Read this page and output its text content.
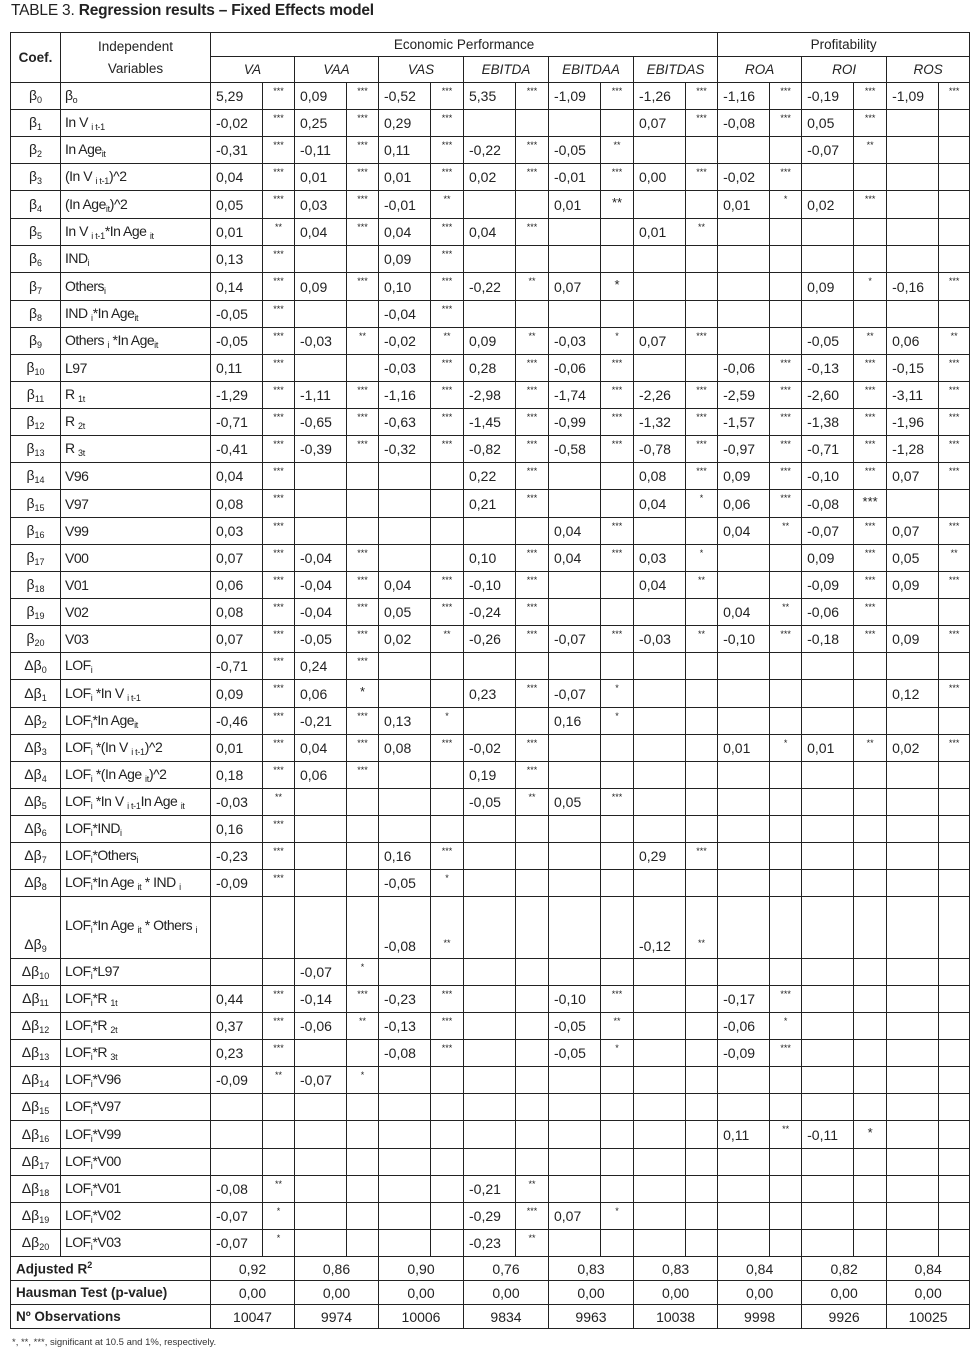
TABLE 3. Regression results – Fixed Effects model
Coef.	Independent
Variables	Economic Performance												Profitability					
		VA		VAA		VAS		EBITDA		EBITDAA		EBITDAS		ROA		ROI		ROS	
$\beta_0$	$\beta_o$	5,29	***	0,09	***	-0,52	***	5,35	***	-1,09	***	-1,26	***	-1,16	***	-0,19	***	-1,09	***
$\beta_1$	In V $_{i t-1}$	-0,02	***	0,25	***	0,29	***					0,07	***	-0,08	***	0,05	***		
$\beta_2$	In Age$_{it}$	-0,31	***	-0,11	***	0,11	***	-0,22	***	-0,05	**					-0,07	**		
$\beta_3$	(In V $_{i t-1}$)^2	0,04	***	0,01	***	0,01	***	0,02	***	-0,01	***	0,00	***	-0,02	***				
$\beta_4$	(In Age$_{it}$)^2	0,05	***	0,03	***	-0,01	**			0,01	**			0,01	*	0,02	***		
$\beta_5$	In V $_{i t-1}$*In Age $_{it}$	0,01	**	0,04	***	0,04	***	0,04	***			0,01	**						
$\beta_6$	$IND_i$	0,13	***			0,09	***												
$\beta_7$	Others$_i$	0,14	***	0,09	***	0,10	***	-0,22	**	0,07	*					0,09	*	-0,16	***
$\beta_8$	IND $_i$*In Age$_{it}$	-0,05	***			-0,04	***												
$\beta_9$	Others $_i$ *In Age$_{it}$	-0,05	***	-0,03	**	-0,02	**	0,09	**	-0,03	*	0,07	***			-0,05	**	0,06	**
$\beta_{10}$	L97	0,11	***			-0,03	***	0,28	***	-0,06	***			-0,06	***	-0,13	***	-0,15	***
$\beta_{11}$	R $_{1t}$	-1,29	***	-1,11	***	-1,16	***	-2,98	***	-1,74	***	-2,26	***	-2,59	***	-2,60	***	-3,11	***
$\beta_{12}$	R $_{2t}$	-0,71	***	-0,65	***	-0,63	***	-1,45	***	-0,99	***	-1,32	***	-1,57	***	-1,38	***	-1,96	***
$\beta_{13}$	R $_{3t}$	-0,41	***	-0,39	***	-0,32	***	-0,82	***	-0,58	***	-0,78	***	-0,97	***	-0,71	***	-1,28	***
$\beta_{14}$	V96	0,04	***					0,22	***			0,08	***	0,09	***	-0,10	***	0,07	***
$\beta_{15}$	V97	0,08	***					0,21	***			0,04	*	0,06	***	-0,08	***		
$\beta_{16}$	V99	0,03	***							0,04	***			0,04	**	-0,07	***	0,07	***
$\beta_{17}$	V00	0,07	***	-0,04	***			0,10	***	0,04	***	0,03	*			0,09	***	0,05	**
$\beta_{18}$	V01	0,06	***	-0,04	***	0,04	***	-0,10	***			0,04	**			-0,09	***	0,09	***
$\beta_{19}$	V02	0,08	***	-0,04	***	0,05	***	-0,24	***					0,04	**	-0,06	***		
$\beta_{20}$	V03	0,07	***	-0,05	***	0,02	**	-0,26	***	-0,07	***	-0,03	**	-0,10	***	-0,18	***	0,09	***
$\Delta\beta_0$	$LOF_i$	-0,71	***	0,24	***														
$\Delta\beta_1$	$LOF_i$ *In V $_{i t-1}$	0,09	***	0,06	*			0,23	***	-0,07	*							0,12	***
$\Delta\beta_2$	$LOF_i*In$ Age$_{it}$	-0,46	***	-0,21	***	0,13	*			0,16	*								
$\Delta\beta_3$	$LOF_i$ *(In V $_{i t-1}$)^2	0,01	***	0,04	***	0,08	***	-0,02	***					0,01	*	0,01	**	0,02	***
$\Delta\beta_4$	$LOF_i$ *(In Age $_{it}$)^2	0,18	***	0,06	***			0,19	***										
$\Delta\beta_5$	$LOF_i$ *In V $_{i t-1}$In Age $_{it}$	-0,03	**					-0,05	**	0,05	***								
$\Delta\beta_6$	$LOF_i*IND_i$	0,16	***																
$\Delta\beta_7$	$LOF_i*Others_i$	-0,23	***			0,16	***					0,29	***						
$\Delta\beta_8$	$LOF_i*In$ Age $_{it}$ * IND $_i$	-0,09	***			-0,05	*												
$\Delta\beta_9$	$LOF_i*In$ Age $_{it}$ * Others $_i$					-0,08	**					-0,12	**						
$\Delta\beta_{10}$	$LOF_i*L97$			-0,07	*														
$\Delta\beta_{11}$	$LOF_i*R$ $_{1t}$	0,44	***	-0,14	***	-0,23	***			-0,10	***			-0,17	***				
$\Delta\beta_{12}$	$LOF_i*R$ $_{2t}$	0,37	***	-0,06	**	-0,13	***			-0,05	**			-0,06	*				
$\Delta\beta_{13}$	$LOF_i*R$ $_{3t}$	0,23	***			-0,08	***			-0,05	*			-0,09	***				
$\Delta\beta_{14}$	$LOF_i*V96$	-0,09	**	-0,07	*														
$\Delta\beta_{15}$	$LOF_i*V97$																		
$\Delta\beta_{16}$	$LOF_i*V99$													0,11	**	-0,11	*		
$\Delta\beta_{17}$	$LOF_i*V00$																		
$\Delta\beta_{18}$	$LOF_i*V01$	-0,08	**					-0,21	**										
$\Delta\beta_{19}$	$LOF_i*V02$	-0,07	*					-0,29	***	0,07	*								
$\Delta\beta_{20}$	$LOF_i*V03$	-0,07	*					-0,23	**										
Adjusted $R^2$		0,92		0,86		0,90		0,76		0,83		0,83		0,84		0,82		0,84	
Hausman Test (p-value)		0,00		0,00		0,00		0,00		0,00		0,00		0,00		0,00		0,00	
Nº Observations		10047		9974		10006		9834		9963		10038		9998		9926		10025	
*, **, ***, significant at 10.5 and 1%, respectively.
